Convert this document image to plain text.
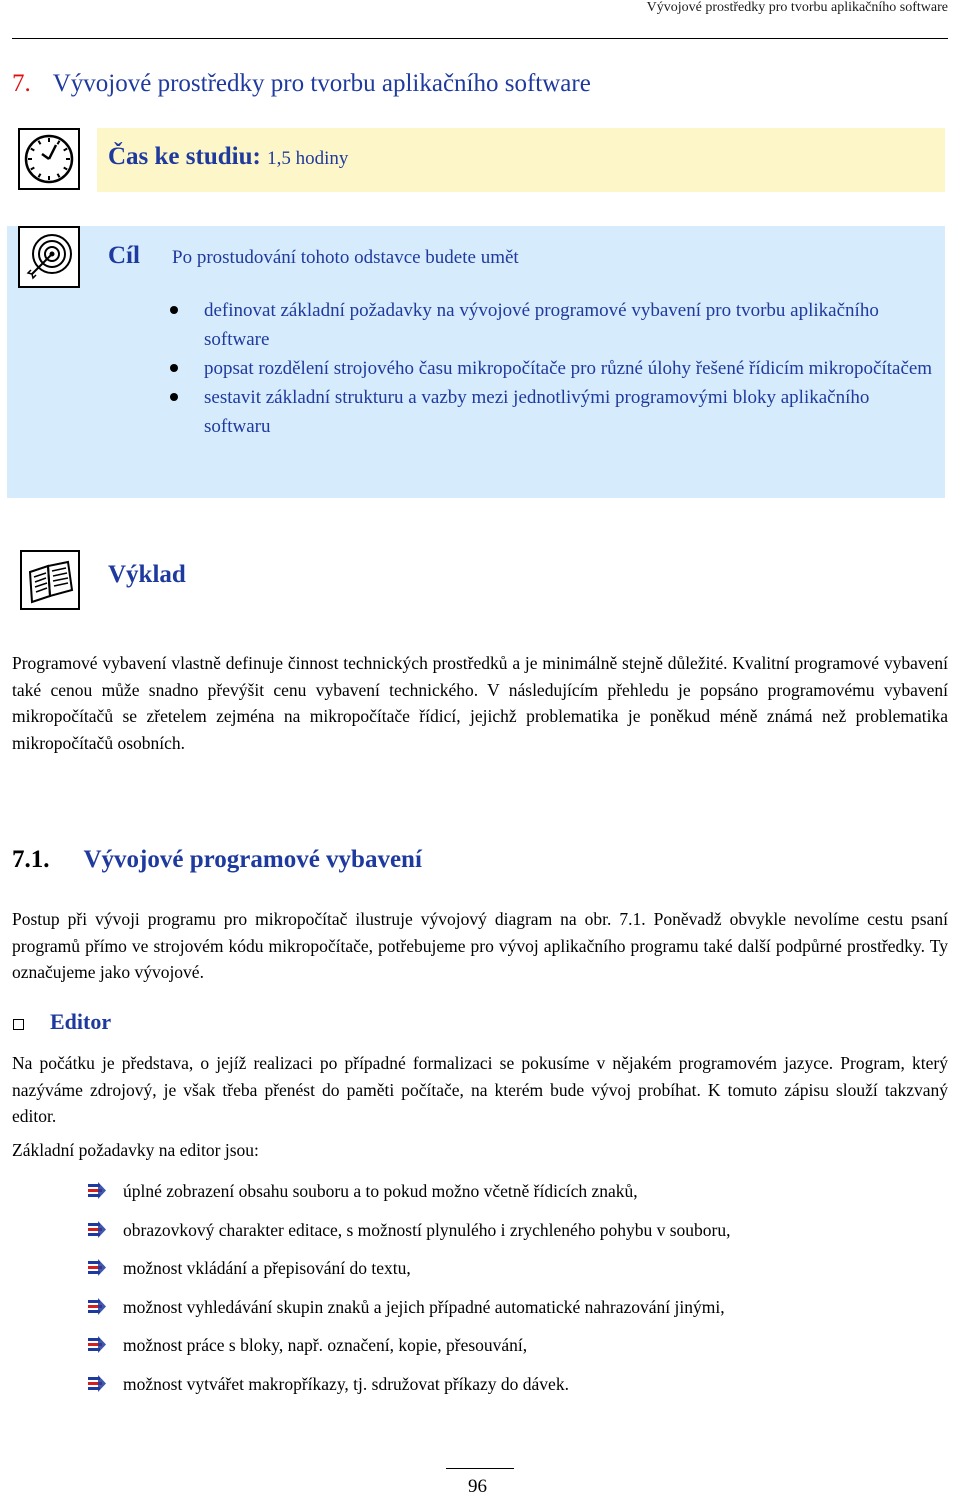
Vývojové prostředky pro tvorbu aplikačního software
7. Vývojové prostředky pro tvorbu aplikačního software
Čas ke studiu: 1,5 hodiny
Cíl Po prostudování tohoto odstavce budete umět
definovat základní požadavky na vývojové programové vybavení pro tvorbu aplikačního software
popsat rozdělení strojového času mikropočítače pro různé úlohy řešené řídicím mikropočítačem
sestavit základní strukturu a vazby mezi jednotlivými programovými bloky aplikačního softwaru
Výklad
Programové vybavení vlastně definuje činnost technických prostředků a je minimálně stejně důležité. Kvalitní programové vybavení také cenou může snadno převýšit cenu vybavení technického. V následujícím přehledu je popsáno programovému vybavení mikropočítačů se zřetelem zejména na mikropočítače řídicí, jejichž problematika je poněkud méně známá než problematika mikropočítačů osobních.
7.1. Vývojové programové vybavení
Postup při vývoji programu pro mikropočítač ilustruje vývojový diagram na obr. 7.1. Poněvadž obvykle nevolíme cestu psaní programů přímo ve strojovém kódu mikropočítače, potřebujeme pro vývoj aplikačního programu také další podpůrné prostředky. Ty označujeme jako vývojové.
Editor
Na počátku je představa, o jejíž realizaci po případné formalizaci se pokusíme v nějakém programovém jazyce. Program, který nazýváme zdrojový, je však třeba přenést do paměti počítače, na kterém bude vývoj probíhat. K tomuto zápisu slouží takzvaný editor.
Základní požadavky na editor jsou:
úplné zobrazení obsahu souboru a to pokud možno včetně řídicích znaků,
obrazovkový charakter editace, s možností plynulého i zrychleného pohybu v souboru,
možnost vkládání a přepisování do textu,
možnost vyhledávání skupin znaků a jejich případné automatické nahrazování jinými,
možnost práce s bloky, např. označení, kopie, přesouvání,
možnost vytvářet makropříkazy, tj. sdružovat příkazy do dávek.
96
